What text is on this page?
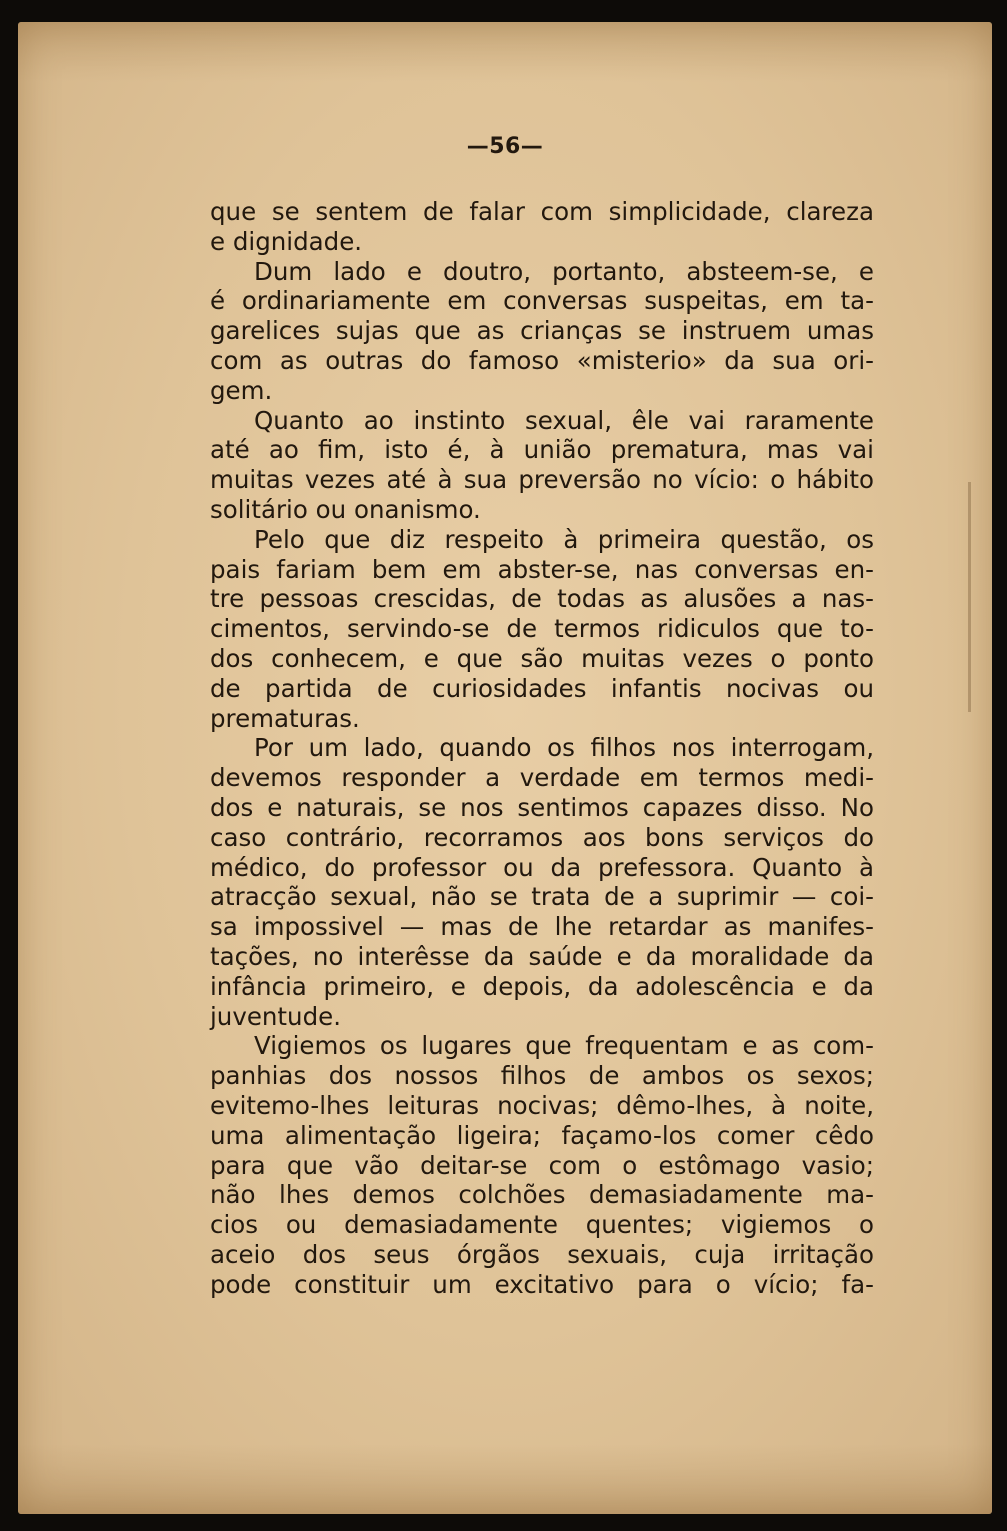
—56—
que se sentem de falar com simplicidade, clareza
e dignidade.
Dum lado e doutro, portanto, absteem-se, e
é ordinariamente em conversas suspeitas, em ta-
garelices sujas que as crianças se instruem umas
com as outras do famoso «misterio» da sua ori-
gem.
Quanto ao instinto sexual, êle vai raramente
até ao fim, isto é, à união prematura, mas vai
muitas vezes até à sua preversão no vício: o hábito
solitário ou onanismo.
Pelo que diz respeito à primeira questão, os
pais fariam bem em abster-se, nas conversas en-
tre pessoas crescidas, de todas as alusões a nas-
cimentos, servindo-se de termos ridiculos que to-
dos conhecem, e que são muitas vezes o ponto
de partida de curiosidades infantis nocivas ou
prematuras.
Por um lado, quando os filhos nos interrogam,
devemos responder a verdade em termos medi-
dos e naturais, se nos sentimos capazes disso. No
caso contrário, recorramos aos bons serviços do
médico, do professor ou da prefessora. Quanto à
atracção sexual, não se trata de a suprimir — coi-
sa impossivel — mas de lhe retardar as manifes-
tações, no interêsse da saúde e da moralidade da
infância primeiro, e depois, da adolescência e da
juventude.
Vigiemos os lugares que frequentam e as com-
panhias dos nossos filhos de ambos os sexos;
evitemo-lhes leituras nocivas; dêmo-lhes, à noite,
uma alimentação ligeira; façamo-los comer cêdo
para que vão deitar-se com o estômago vasio;
não lhes demos colchões demasiadamente ma-
cios ou demasiadamente quentes; vigiemos o
aceio dos seus órgãos sexuais, cuja irritação
pode constituir um excitativo para o vício; fa-
